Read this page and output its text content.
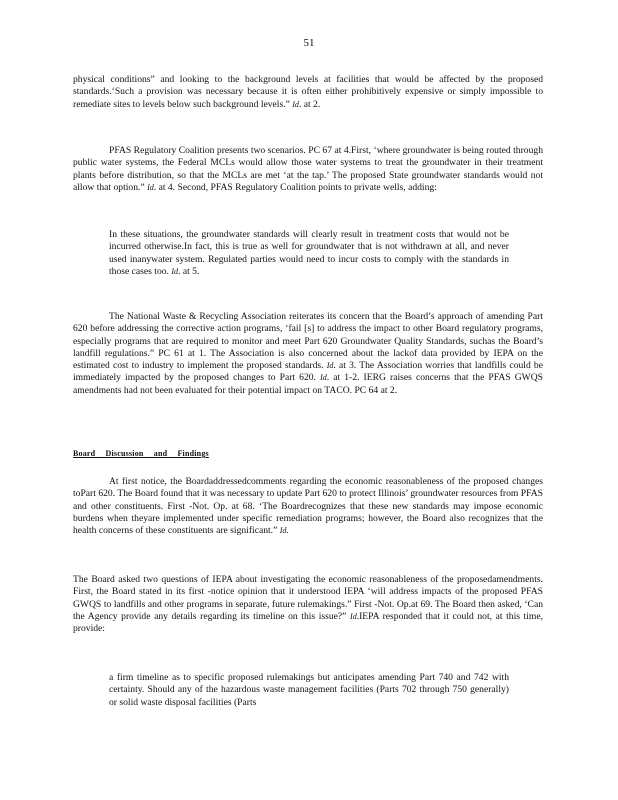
51

physical conditions” and looking to the background levels at facilities that would be affected by the proposed standards.‘Such a provision was necessary because it is often either prohibitively expensive or simply impossible to remediate sites to levels below such background levels.” Id. at 2.

PFAS Regulatory Coalition presents two scenarios. PC 67 at 4.First, ‘where groundwater is being routed through public water systems, the Federal MCLs would allow those water systems to treat the groundwater in their treatment plants before distribution, so that the MCLs are met ‘at the tap.’ The proposed State groundwater standards would not allow that option.” Id. at 4. Second, PFAS Regulatory Coalition points to private wells, adding:

In these situations, the groundwater standards will clearly result in treatment costs that would not be incurred otherwise.In fact, this is true as well for groundwater that is not withdrawn at all, and never used inanywater system. Regulated parties would need to incur costs to comply with the standards in those cases too. Id. at 5.

The National Waste & Recycling Association reiterates its concern that the Board’s approach of amending Part 620 before addressing the corrective action programs, ‘fail [s] to address the impact to other Board regulatory programs, especially programs that are required to monitor and meet Part 620 Groundwater Quality Standards, suchas the Board’s landfill regulations.” PC 61 at 1. The Association is also concerned about the lackof data provided by IEPA on the estimated cost to industry to implement the proposed standards. Id. at 3. The Association worries that landfills could be immediately impacted by the proposed changes to Part 620. Id. at 1-2. IERG raises concerns that the PFAS GWQS amendments had not been evaluated for their potential impact on TACO. PC 64 at 2.

Board Discussion and Findings

At first notice, the Boardaddressedcomments regarding the economic reasonableness of the proposed changes toPart 620. The Board found that it was necessary to update Part 620 to protect Illinois’ groundwater resources from PFAS and other constituents. First -Not. Op. at 68. ‘The Boardrecognizes that these new standards may impose economic burdens when theyare implemented under specific remediation programs; however, the Board also recognizes that the health concerns of these constituents are significant.” Id.

The Board asked two questions of IEPA about investigating the economic reasonableness of the proposedamendments. First, the Board stated in its first -notice opinion that it understood IEPA ‘will address impacts of the proposed PFAS GWQS to landfills and other programs in separate, future rulemakings.” First -Not. Op.at 69. The Board then asked, ‘Can the Agency provide any details regarding its timeline on this issue?” Id.IEPA responded that it could not, at this time, provide:

a firm timeline as to specific proposed rulemakings but anticipates amending Part 740 and 742 with certainty. Should any of the hazardous waste management facilities (Parts 702 through 750 generally) or solid waste disposal facilities (Parts
